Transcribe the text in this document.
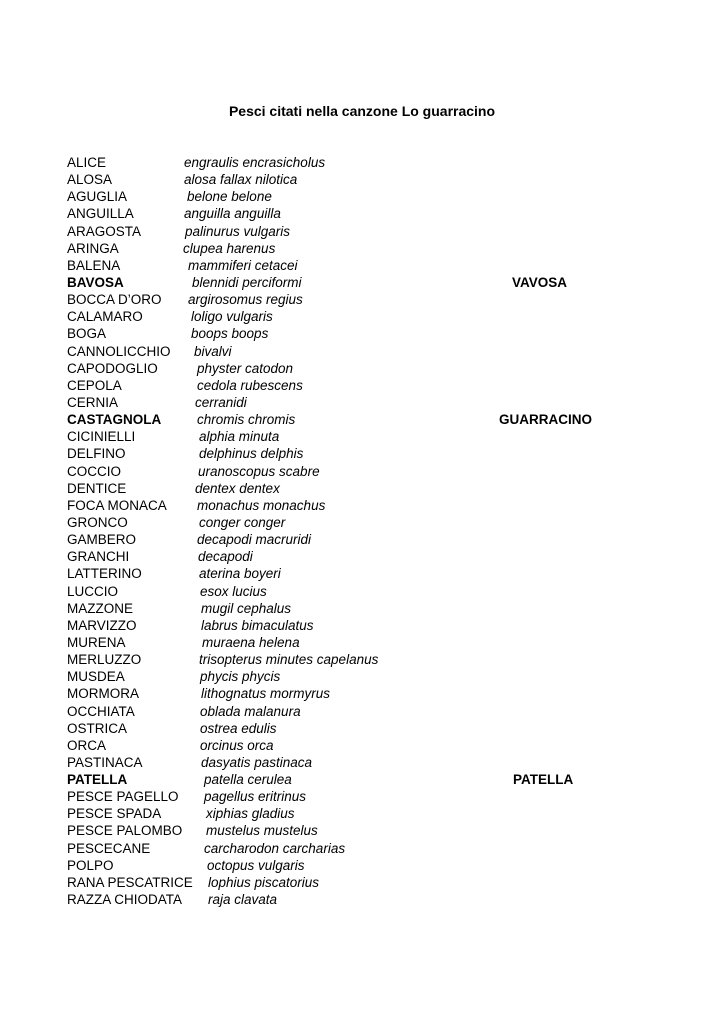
Pesci citati nella canzone Lo guarracino
ALICE	engraulis encrasicholus
ALOSA	alosa fallax nilotica
AGUGLIA	belone belone
ANGUILLA	anguilla anguilla
ARAGOSTA	palinurus vulgaris
ARINGA	clupea harenus
BALENA	mammiferi cetacei
BAVOSA	blennidi perciformi	VAVOSA
BOCCA D’ORO argirosomus regius
CALAMARO	loligo vulgaris
BOGA	boops boops
CANNOLICCHIO bivalvi
CAPODOGLIO	physter catodon
CEPOLA	cedola rubescens
CERNIA	cerranidi
CASTAGNOLA	chromis chromis	GUARRACINO
CICINIELLI	alphia minuta
DELFINO	delphinus delphis
COCCIO	uranoscopus scabre
DENTICE	dentex dentex
FOCA MONACA monachus monachus
GRONCO	conger conger
GAMBERO	decapodi macruridi
GRANCHI	decapodi
LATTERINO	aterina boyeri
LUCCIO	esox lucius
MAZZONE	mugil cephalus
MARVIZZO	labrus bimaculatus
MURENA	muraena helena
MERLUZZO	trisopterus minutes capelanus
MUSDEA	phycis phycis
MORMORA	lithognatus mormyrus
OCCHIATA	oblada malanura
OSTRICA	ostrea edulis
ORCA	orcinus orca
PASTINACA	dasyatis pastinaca
PATELLA	patella cerulea	PATELLA
PESCE PAGELLO pagellus eritrinus
PESCE SPADA	xiphias gladius
PESCE PALOMBO mustelus mustelus
PESCECANE	carcharodon carcharias
POLPO	octopus vulgaris
RANA PESCATRICE lophius piscatorius
RAZZA CHIODATA raja clavata
